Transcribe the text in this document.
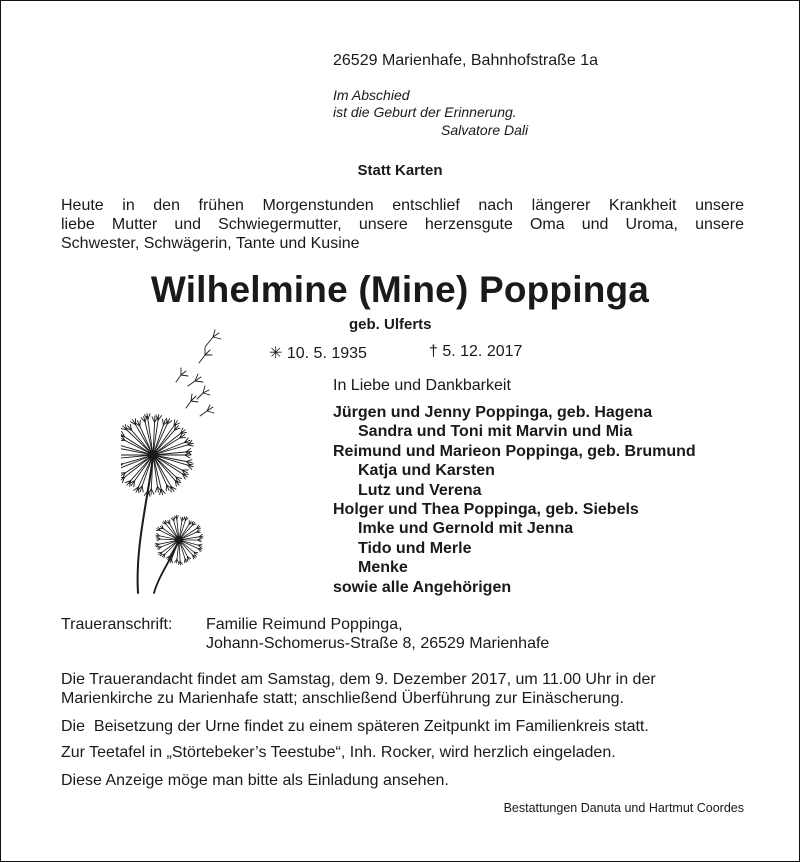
26529 Marienhafe, Bahnhofstraße 1a

Im Abschied

ist die Geburt der Erinnerung.

Salvatore Dali

Statt Karten

Heute in den frühen Morgenstunden entschlief nach längerer Krankheit unsere
liebe Mutter und Schwiegermutter, unsere herzensgute Oma und Uroma, unsere
Schwester, Schwägerin, Tante und Kusine

Wilhelmine (Mine) Poppinga

geb. Ulferts

✳ 10. 5. 1935	† 5. 12. 2017

In Liebe und Dankbarkeit

Jürgen und Jenny Poppinga, geb. Hagena
Sandra und Toni mit Marvin und Mia
Reimund und Marieon Poppinga, geb. Brumund
Katja und Karsten
Lutz und Verena
Holger und Thea Poppinga, geb. Siebels
Imke und Gernold mit Jenna
Tido und Merle
Menke
sowie alle Angehörigen

Traueranschrift: Familie Reimund Poppinga,

Johann-Schomerus-Straße 8, 26529 Marienhafe

Die Trauerandacht findet am Samstag, dem 9. Dezember 2017, um 11.00 Uhr in der
Marienkirche zu Marienhafe statt; anschließend Überführung zur Einäscherung.

Die  Beisetzung der Urne findet zu einem späteren Zeitpunkt im Familienkreis statt.

Zur Teetafel in „Störtebeker’s Teestube“, Inh. Rocker, wird herzlich eingeladen.

Diese Anzeige möge man bitte als Einladung ansehen.

Bestattungen Danuta und Hartmut Coordes
